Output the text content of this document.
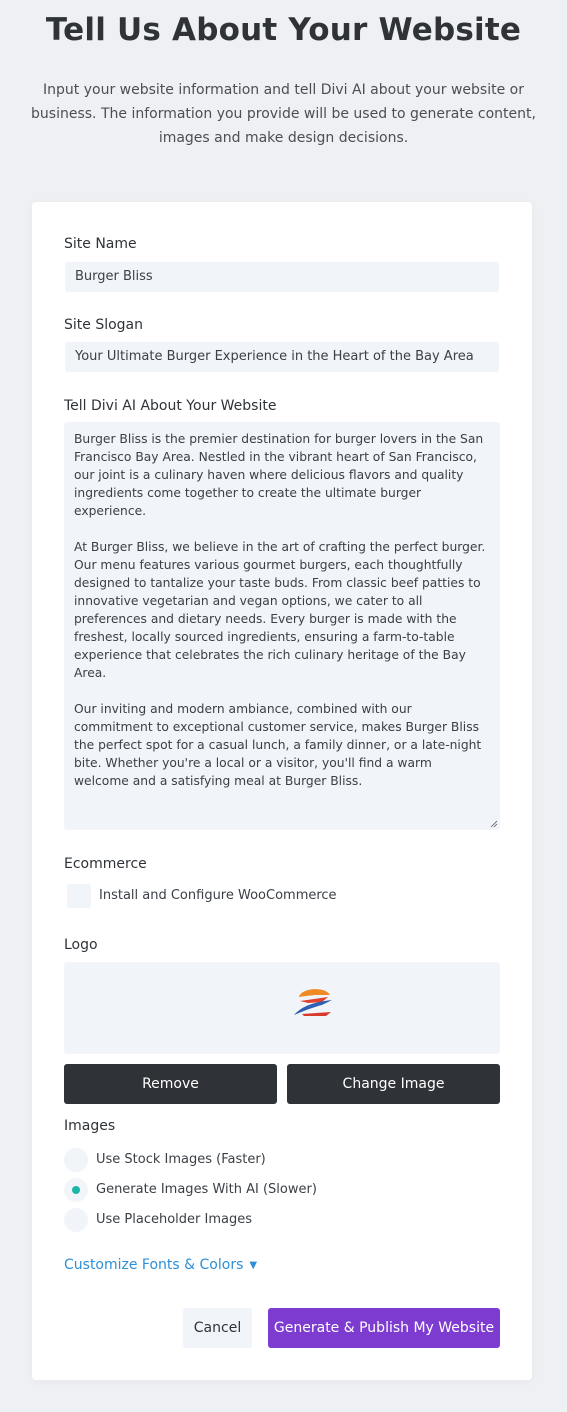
Tell Us About Your Website
Input your website information and tell Divi AI about your website or business. The information you provide will be used to generate content, images and make design decisions.
Site Name
Burger Bliss
Site Slogan
Your Ultimate Burger Experience in the Heart of the Bay Area
Tell Divi AI About Your Website

Burger Bliss is the premier destination for burger lovers in the San Francisco Bay Area. Nestled in the vibrant heart of San Francisco, our joint is a culinary haven where delicious flavors and quality ingredients come together to create the ultimate burger experience.

At Burger Bliss, we believe in the art of crafting the perfect burger. Our menu features various gourmet burgers, each thoughtfully designed to tantalize your taste buds. From classic beef patties to innovative vegetarian and vegan options, we cater to all preferences and dietary needs. Every burger is made with the freshest, locally sourced ingredients, ensuring a farm-to-table experience that celebrates the rich culinary heritage of the Bay Area.

Our inviting and modern ambiance, combined with our commitment to exceptional customer service, makes Burger Bliss the perfect spot for a casual lunch, a family dinner, or a late-night bite. Whether you're a local or a visitor, you'll find a warm welcome and a satisfying meal at Burger Bliss.

Ecommerce
Install and Configure WooCommerce
Logo
Remove	Change Image
Images
Use Stock Images (Faster)
Generate Images With AI (Slower)
Use Placeholder Images
Customize Fonts & Colors ▼
Cancel	Generate & Publish My Website
